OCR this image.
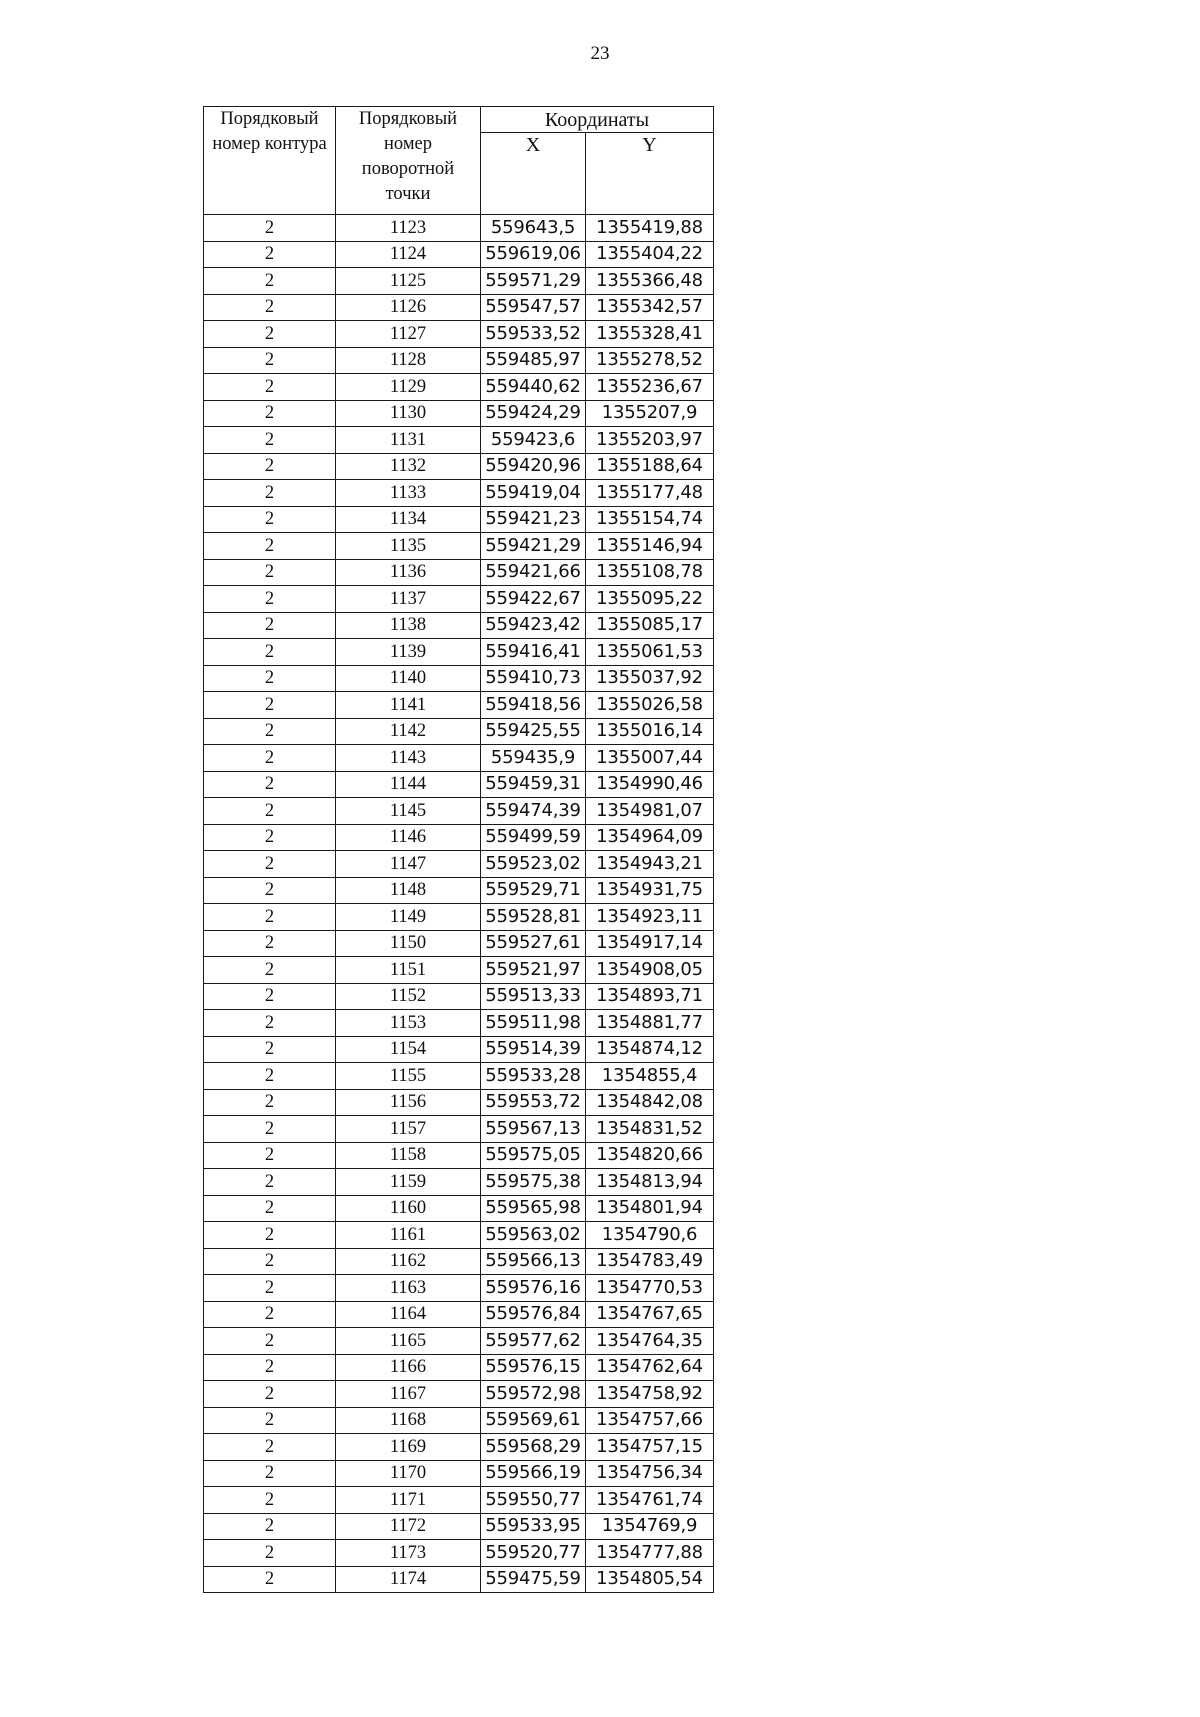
23
Порядковый
номер контура	Порядковый
номер
поворотной
точки	Координаты	
		X	Y
2	1123	559643,5	1355419,88
2	1124	559619,06	1355404,22
2	1125	559571,29	1355366,48
2	1126	559547,57	1355342,57
2	1127	559533,52	1355328,41
2	1128	559485,97	1355278,52
2	1129	559440,62	1355236,67
2	1130	559424,29	1355207,9
2	1131	559423,6	1355203,97
2	1132	559420,96	1355188,64
2	1133	559419,04	1355177,48
2	1134	559421,23	1355154,74
2	1135	559421,29	1355146,94
2	1136	559421,66	1355108,78
2	1137	559422,67	1355095,22
2	1138	559423,42	1355085,17
2	1139	559416,41	1355061,53
2	1140	559410,73	1355037,92
2	1141	559418,56	1355026,58
2	1142	559425,55	1355016,14
2	1143	559435,9	1355007,44
2	1144	559459,31	1354990,46
2	1145	559474,39	1354981,07
2	1146	559499,59	1354964,09
2	1147	559523,02	1354943,21
2	1148	559529,71	1354931,75
2	1149	559528,81	1354923,11
2	1150	559527,61	1354917,14
2	1151	559521,97	1354908,05
2	1152	559513,33	1354893,71
2	1153	559511,98	1354881,77
2	1154	559514,39	1354874,12
2	1155	559533,28	1354855,4
2	1156	559553,72	1354842,08
2	1157	559567,13	1354831,52
2	1158	559575,05	1354820,66
2	1159	559575,38	1354813,94
2	1160	559565,98	1354801,94
2	1161	559563,02	1354790,6
2	1162	559566,13	1354783,49
2	1163	559576,16	1354770,53
2	1164	559576,84	1354767,65
2	1165	559577,62	1354764,35
2	1166	559576,15	1354762,64
2	1167	559572,98	1354758,92
2	1168	559569,61	1354757,66
2	1169	559568,29	1354757,15
2	1170	559566,19	1354756,34
2	1171	559550,77	1354761,74
2	1172	559533,95	1354769,9
2	1173	559520,77	1354777,88
2	1174	559475,59	1354805,54
